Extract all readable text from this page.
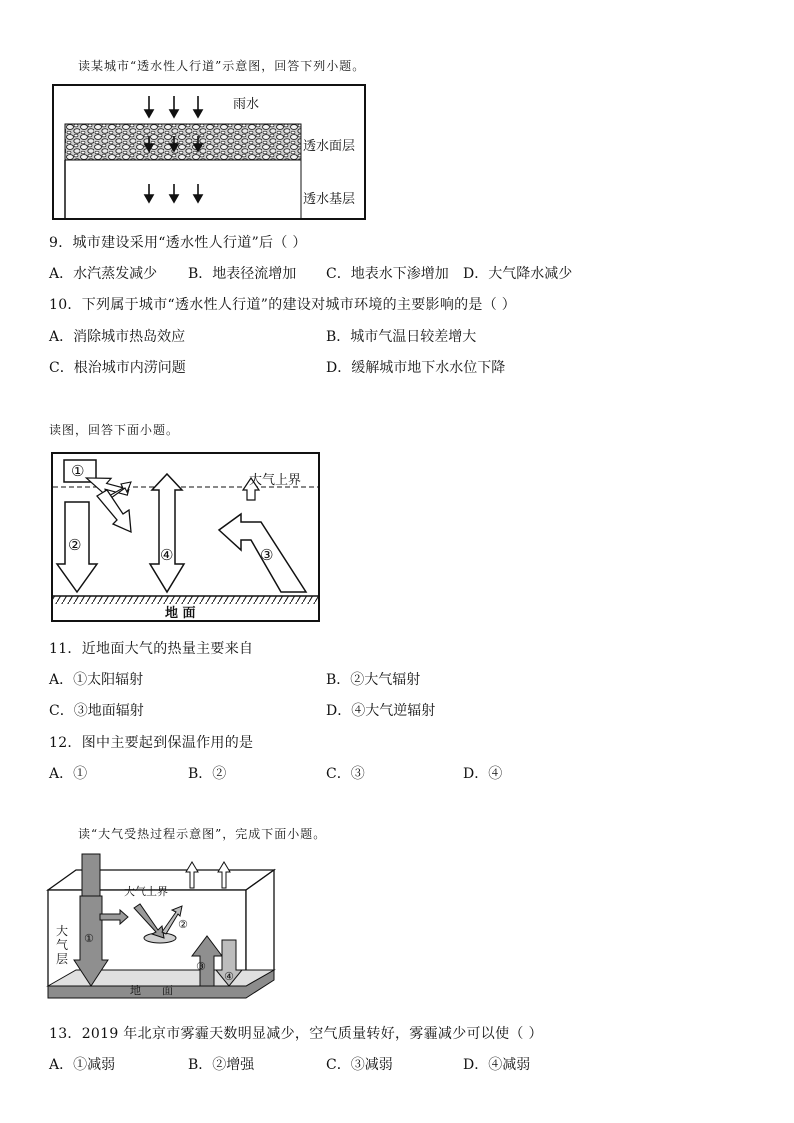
读某城市“透水性人行道”示意图，回答下列小题。
雨水
透水面层
透水基层
9．城市建设采用“透水性人行道”后（ ）
A．水汽蒸发减少 B．地表径流增加 C．地表水下渗增加 D．大气降水减少
10．下列属于城市“透水性人行道”的建设对城市环境的主要影响的是（ ）
A．消除城市热岛效应	B．城市气温日较差增大
C．根治城市内涝问题	D．缓解城市地下水水位下降
读图，回答下面小题。
①
②
④	③
大气上界
地 面
11．近地面大气的热量主要来自
A．①太阳辐射	B．②大气辐射
C．③地面辐射	D．④大气逆辐射
12．图中主要起到保温作用的是
A．①	B．②	C．③	D．④
读“大气受热过程示意图”，完成下面小题。
大气上界
大
气
层
①
②
③
④
地      面
13．2019 年北京市雾霾天数明显减少，空气质量转好，雾霾减少可以使（ ）
A．①减弱	B．②增强	C．③减弱	D．④减弱
